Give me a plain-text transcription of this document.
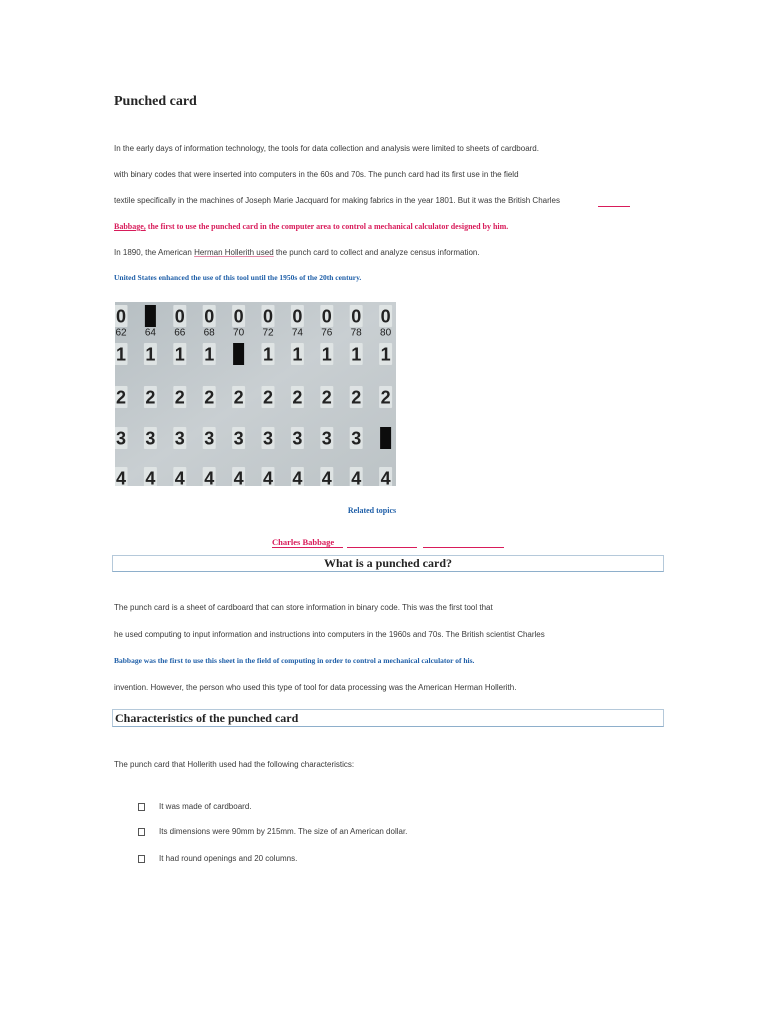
Punched card

In the early days of information technology, the tools for data collection and analysis were limited to sheets of cardboard.

with binary codes that were inserted into computers in the 60s and 70s. The punch card had its first use in the field

textile specifically in the machines of Joseph Marie Jacquard for making fabrics in the year 1801. But it was the British Charles

Babbage, the first to use the punched card in the computer area to control a mechanical calculator designed by him.

In 1890, the American Herman Hollerith used the punch card to collect and analyze census information.

United States enhanced the use of this tool until the 1950s of the 20th century.

62 64 66 68 70 72 74 76 78 80
0	0 0 0 0 0 0 0 0
1 1 1 1	1 1 1 1 1
2 2 2 2 2 2 2 2 2 2
3 3 3 3 3 3 3 3 3
4 4 4 4 4 4 4 4 4 4
Related topics
Charles Babbage
What is a punched card?

The punch card is a sheet of cardboard that can store information in binary code. This was the first tool that

he used computing to input information and instructions into computers in the 1960s and 70s. The British scientist Charles

Babbage was the first to use this sheet in the field of computing in order to control a mechanical calculator of his.

invention. However, the person who used this type of tool for data processing was the American Herman Hollerith.

Characteristics of the punched card

The punch card that Hollerith used had the following characteristics:

It was made of cardboard.
Its dimensions were 90mm by 215mm. The size of an American dollar.
It had round openings and 20 columns.
